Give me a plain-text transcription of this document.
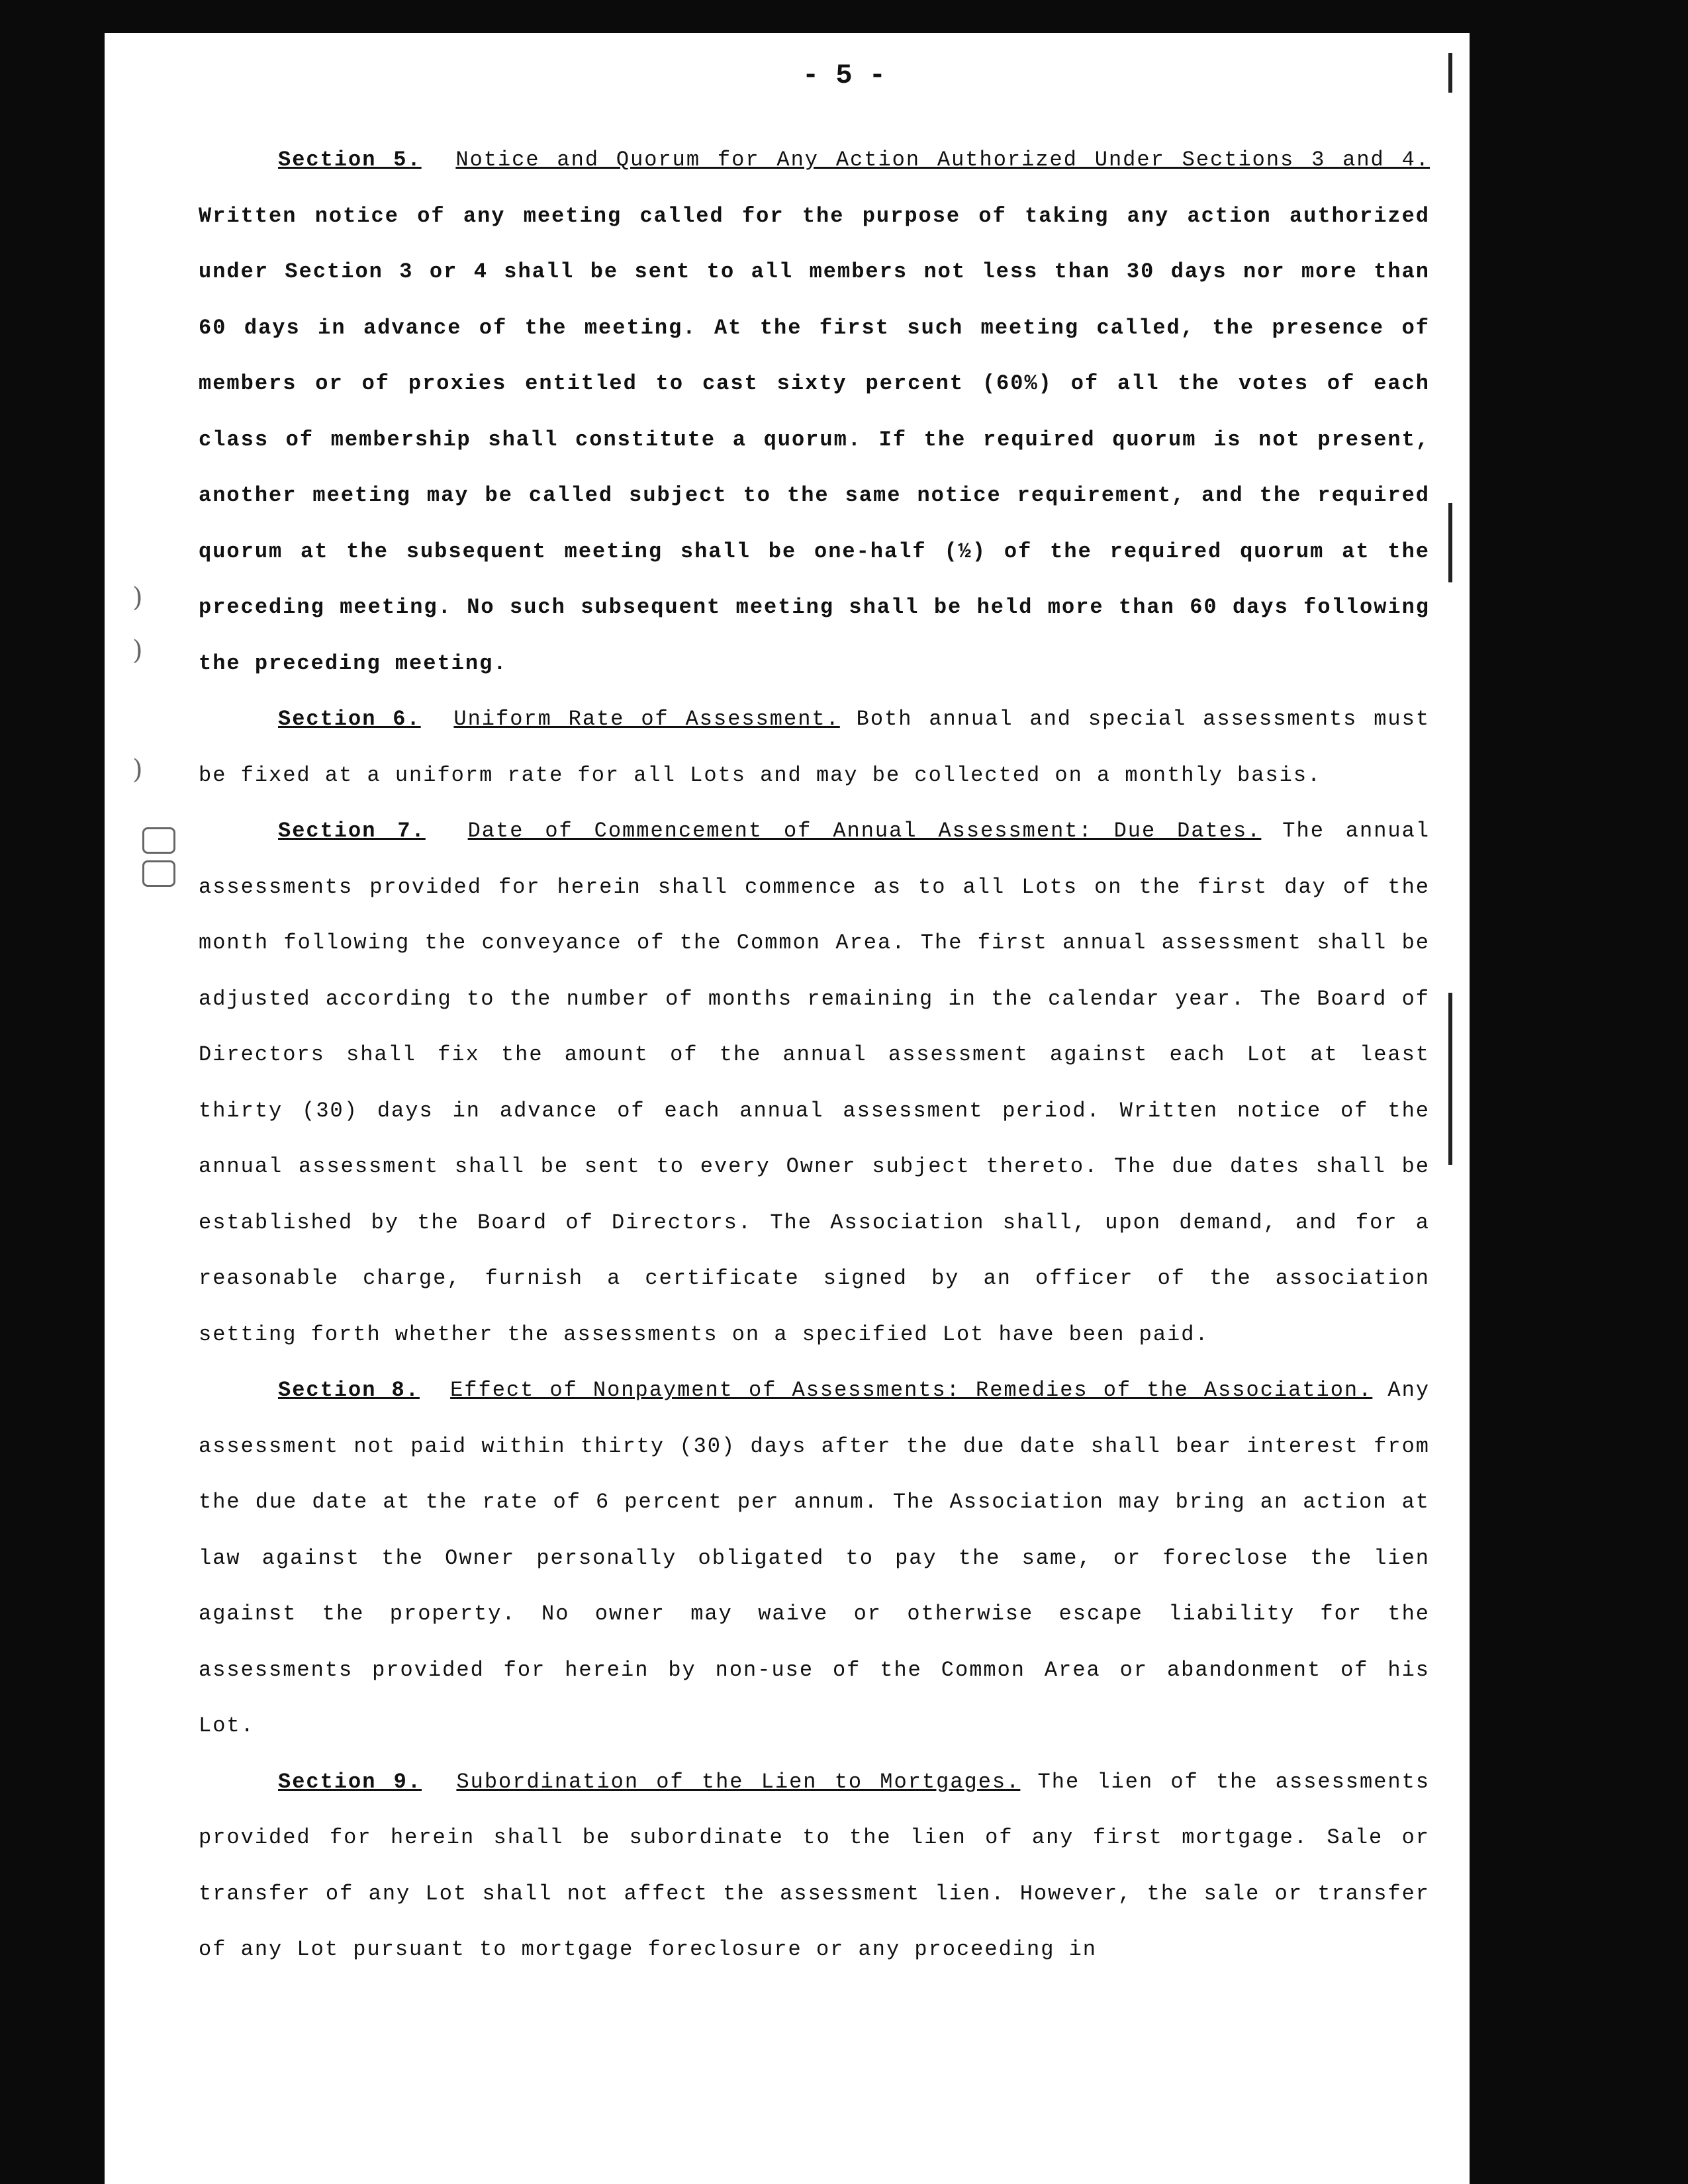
)
)
)
- 5 -

Section 5. Notice and Quorum for Any Action Authorized Under Sections 3 and 4. Written notice of any meeting called for the purpose of taking any action authorized under Section 3 or 4 shall be sent to all members not less than 30 days nor more than 60 days in advance of the meeting. At the first such meeting called, the presence of members or of proxies entitled to cast sixty percent (60%) of all the votes of each class of membership shall constitute a quorum. If the required quorum is not present, another meeting may be called subject to the same notice requirement, and the required quorum at the subsequent meeting shall be one-half (½) of the required quorum at the preceding meeting. No such subsequent meeting shall be held more than 60 days following the preceding meeting.

Section 6. Uniform Rate of Assessment. Both annual and special assessments must be fixed at a uniform rate for all Lots and may be collected on a monthly basis.

Section 7. Date of Commencement of Annual Assessment: Due Dates. The annual assessments provided for herein shall commence as to all Lots on the first day of the month following the conveyance of the Common Area. The first annual assessment shall be adjusted according to the number of months remaining in the calendar year. The Board of Directors shall fix the amount of the annual assessment against each Lot at least thirty (30) days in advance of each annual assessment period. Written notice of the annual assessment shall be sent to every Owner subject thereto. The due dates shall be established by the Board of Directors. The Association shall, upon demand, and for a reasonable charge, furnish a certificate signed by an officer of the association setting forth whether the assessments on a specified Lot have been paid.

Section 8. Effect of Nonpayment of Assessments: Remedies of the Association. Any assessment not paid within thirty (30) days after the due date shall bear interest from the due date at the rate of 6 percent per annum. The Association may bring an action at law against the Owner personally obligated to pay the same, or foreclose the lien against the property. No owner may waive or otherwise escape liability for the assessments provided for herein by non-use of the Common Area or abandonment of his Lot.

Section 9. Subordination of the Lien to Mortgages. The lien of the assessments provided for herein shall be subordinate to the lien of any first mortgage. Sale or transfer of any Lot shall not affect the assessment lien. However, the sale or transfer of any Lot pursuant to mortgage foreclosure or any proceeding in
